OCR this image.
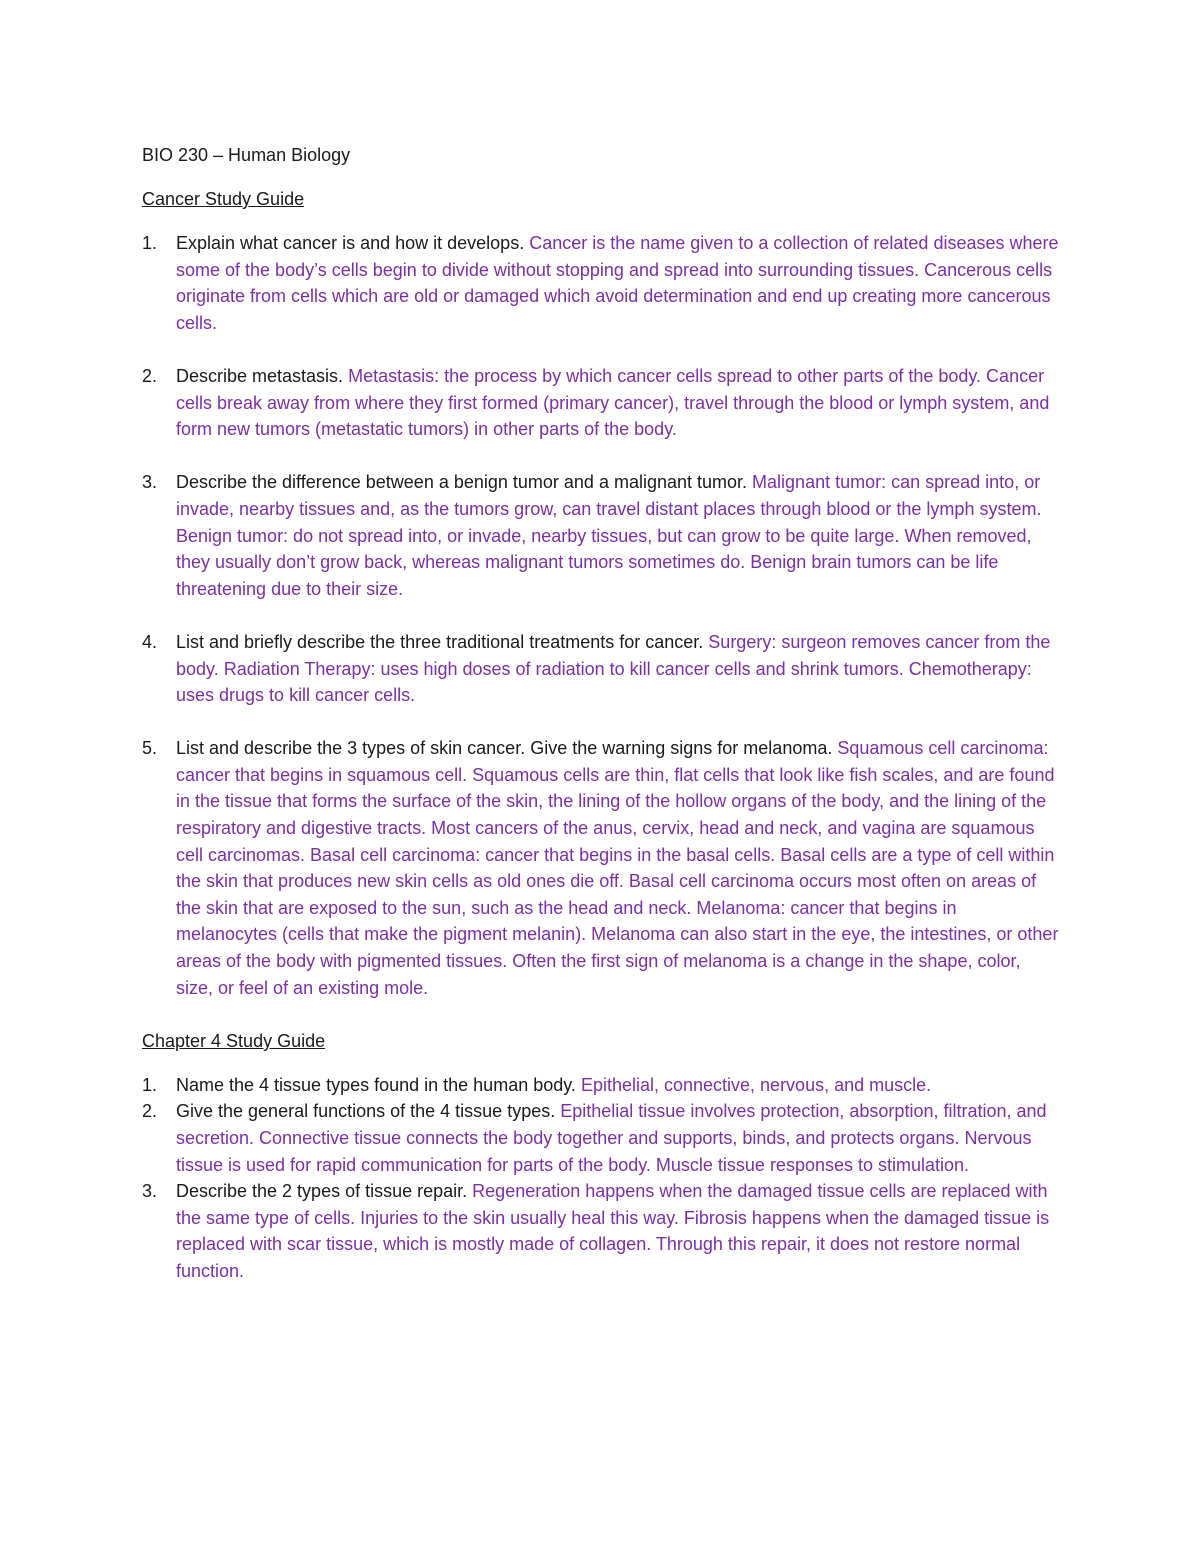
BIO 230 – Human Biology
Cancer Study Guide
1. Explain what cancer is and how it develops. Cancer is the name given to a collection of related diseases where some of the body’s cells begin to divide without stopping and spread into surrounding tissues. Cancerous cells originate from cells which are old or damaged which avoid determination and end up creating more cancerous cells.
2. Describe metastasis. Metastasis: the process by which cancer cells spread to other parts of the body. Cancer cells break away from where they first formed (primary cancer), travel through the blood or lymph system, and form new tumors (metastatic tumors) in other parts of the body.
3. Describe the difference between a benign tumor and a malignant tumor. Malignant tumor: can spread into, or invade, nearby tissues and, as the tumors grow, can travel distant places through blood or the lymph system. Benign tumor: do not spread into, or invade, nearby tissues, but can grow to be quite large. When removed, they usually don’t grow back, whereas malignant tumors sometimes do. Benign brain tumors can be life threatening due to their size.
4. List and briefly describe the three traditional treatments for cancer. Surgery: surgeon removes cancer from the body. Radiation Therapy: uses high doses of radiation to kill cancer cells and shrink tumors. Chemotherapy: uses drugs to kill cancer cells.
5. List and describe the 3 types of skin cancer. Give the warning signs for melanoma. Squamous cell carcinoma: cancer that begins in squamous cell. Squamous cells are thin, flat cells that look like fish scales, and are found in the tissue that forms the surface of the skin, the lining of the hollow organs of the body, and the lining of the respiratory and digestive tracts. Most cancers of the anus, cervix, head and neck, and vagina are squamous cell carcinomas. Basal cell carcinoma: cancer that begins in the basal cells. Basal cells are a type of cell within the skin that produces new skin cells as old ones die off. Basal cell carcinoma occurs most often on areas of the skin that are exposed to the sun, such as the head and neck. Melanoma: cancer that begins in melanocytes (cells that make the pigment melanin). Melanoma can also start in the eye, the intestines, or other areas of the body with pigmented tissues. Often the first sign of melanoma is a change in the shape, color, size, or feel of an existing mole.
Chapter 4 Study Guide
1. Name the 4 tissue types found in the human body. Epithelial, connective, nervous, and muscle.
2. Give the general functions of the 4 tissue types. Epithelial tissue involves protection, absorption, filtration, and secretion. Connective tissue connects the body together and supports, binds, and protects organs. Nervous tissue is used for rapid communication for parts of the body. Muscle tissue responses to stimulation.
3. Describe the 2 types of tissue repair. Regeneration happens when the damaged tissue cells are replaced with the same type of cells. Injuries to the skin usually heal this way. Fibrosis happens when the damaged tissue is replaced with scar tissue, which is mostly made of collagen. Through this repair, it does not restore normal function.
